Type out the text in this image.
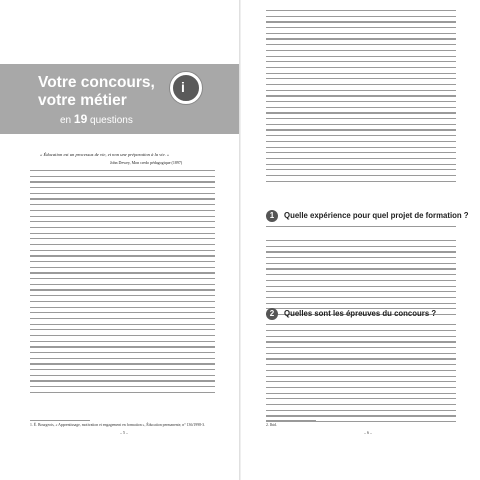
Votre concours, votre métier
en 19 questions
i
« Éducation est un processus de vie, et non une préparation à la vie. »
John Dewey, Mon credo pédagogique (1897)
1. É. Bourgeois, « Apprentissage, motivation et engagement en formation », Éducation permanente, n° 136/1998-3.
– 5 –
1	Quelle expérience pour quel projet de formation ?
2	Quelles sont les épreuves du concours ?
2. Ibid.
– 6 –
